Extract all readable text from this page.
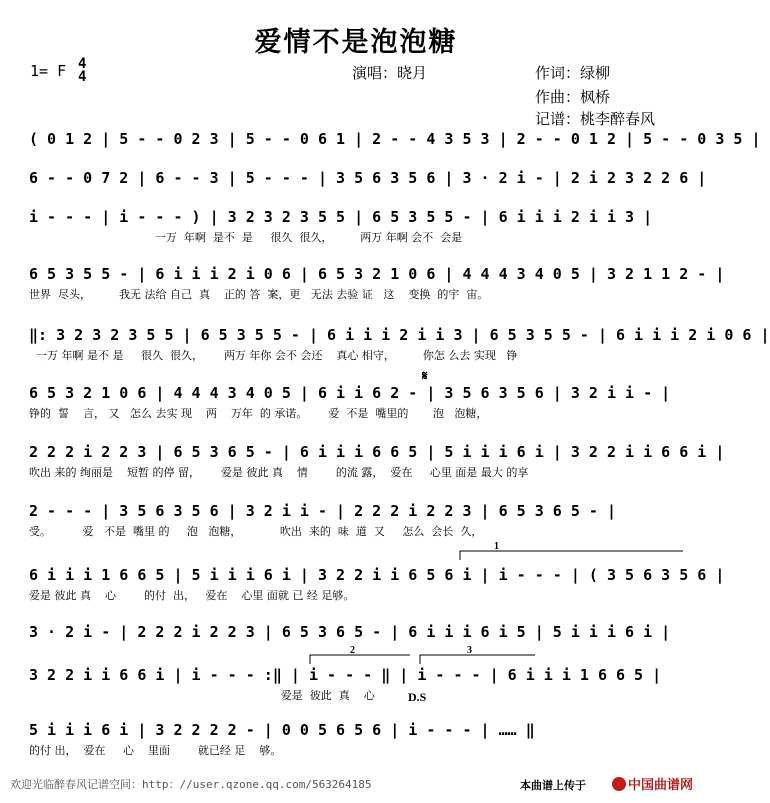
爱情不是泡泡糖
1= F 4
4	演唱：晓月	作词：绿柳
作曲：枫桥
记谱：桃李醉春风
( 0 1 2 | 5 - - 0 2 3 | 5 - - 0 6 1 | 2 - - 4 3 5 3 | 2 - - 0 1 2 | 5 - - 0 3 5 |
6 - - 0 7 2 | 6 - - 3 | 5 - - - | 3 5 6 3 5 6 | 3 · 2 i - | 2 i 2 3 2 2 6 |
i - - - | i - - - ) | 3 2 3 2 3 5 5 | 6 5 3 5 5 - | 6 i i i 2 i i 3 |
一万  年啊  是不  是     很久  很久，        两万 年啊 会不  会是
6 5 3 5 5 - | 6 i i i 2 i 0 6 | 6 5 3 2 1 0 6 | 4 4 4 3 4 0 5 | 3 2 1 1 2 - |
世界  尽头，        我无 法给 自己  真    正的 答  案，更   无法 去验 证   这    变换  的宇  宙。
‖: 3 2 3 2 3 5 5 | 6 5 3 5 5 - | 6 i i i 2 i i 3 | 6 5 3 5 5 - | 6 i i i 2 i 0 6 |
一万 年啊 是不 是     很久  很久，      两万 年你 会不 会还    真心 相守，        你怎 么去 实现   铮
6 5 3 2 1 0 6 | 4 4 4 3 4 0 5 | 6 i i 6 2 - | 3 5 6 3 5 6 | 3 2 i i - |
铮的  誓    言， 又   怎么 去实 现    两    万年  的 承诺。      爱  不是  嘴里的       泡   泡糖，
2 2 2 i 2 2 3 | 6 5 3 6 5 - | 6 i i i 6 6 5 | 5 i i i 6 i | 3 2 2 i i 6 6 i |
吹出 来的 绚丽是    短暂 的停 留，      爱是 彼此 真    情        的流 露，  爱在     心里 面是 最大 的享
2 - - - | 3 5 6 3 5 6 | 3 2 i i - | 2 2 2 i 2 2 3 | 6 5 3 6 5 - |
受。         爱   不是  嘴里 的     泡   泡糖，           吹出  来的  味  道  又     怎么  会长  久，
6 i i i 1 6 6 5 | 5 i i i 6 i | 3 2 2 i i 6 5 6 i | i - - - | ( 3 5 6 3 5 6 |
爱是 彼此 真    心        的付  出，   爱在    心里 面就 已 经 足够。
3 · 2 i - | 2 2 2 i 2 2 3 | 6 5 3 6 5 - | 6 i i i 6 i 5 | 5 i i i 6 i |
3 2 2 i i 6 6 i | i - - - :‖ | i - - - ‖ | i - - - | 6 i i i 1 6 6 5 |
爱是  彼此  真    心
5 i i i 6 i | 3 2 2 2 2 - | 0 0 5 6 5 6 | i - - - | …… ‖
的付 出，  爱在     心    里面        就已经 足    够。
1
2	3
𝄋
D.S
欢迎光临醉春风记谱空间：http：//user.qzone.qq.com/563264185	本曲谱上传于	中国曲谱网
